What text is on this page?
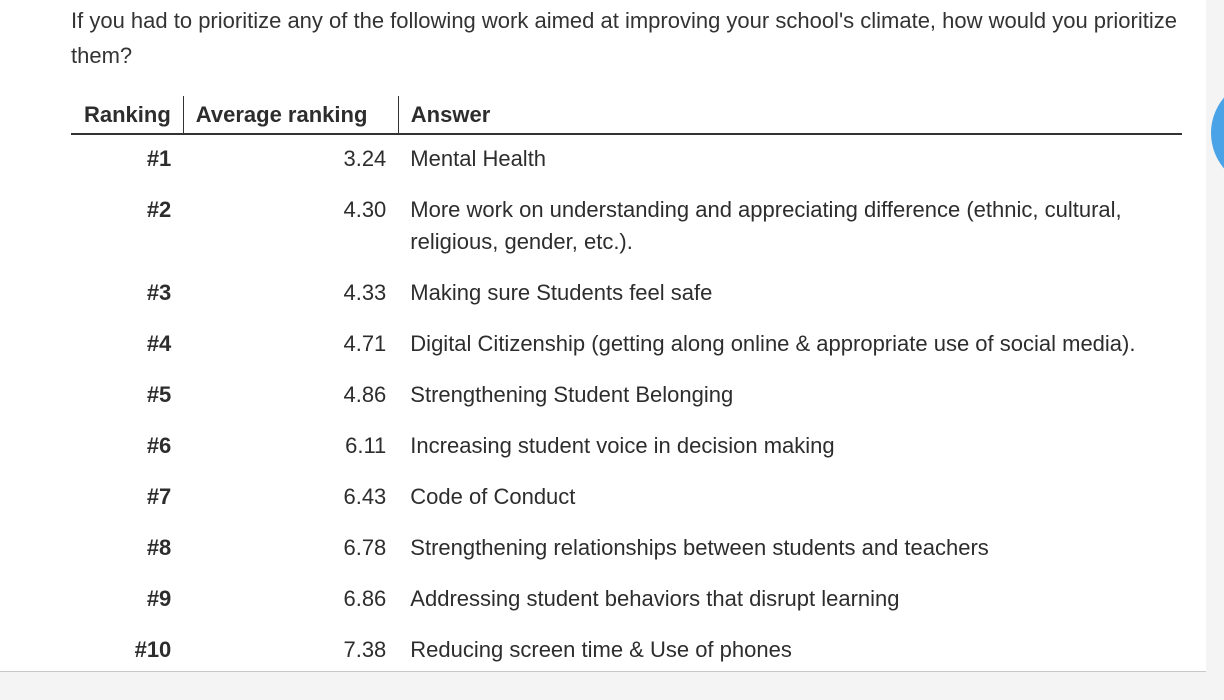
If you had to prioritize any of the following work aimed at improving your school's climate, how would you prioritize them?
Ranking	Average ranking	Answer
#1	3.24	Mental Health
#2	4.30	More work on understanding and appreciating difference (ethnic, cultural, religious, gender, etc.).
#3	4.33	Making sure Students feel safe
#4	4.71	Digital Citizenship (getting along online & appropriate use of social media).
#5	4.86	Strengthening Student Belonging
#6	6.11	Increasing student voice in decision making
#7	6.43	Code of Conduct
#8	6.78	Strengthening relationships between students and teachers
#9	6.86	Addressing student behaviors that disrupt learning
#10	7.38	Reducing screen time & Use of phones
